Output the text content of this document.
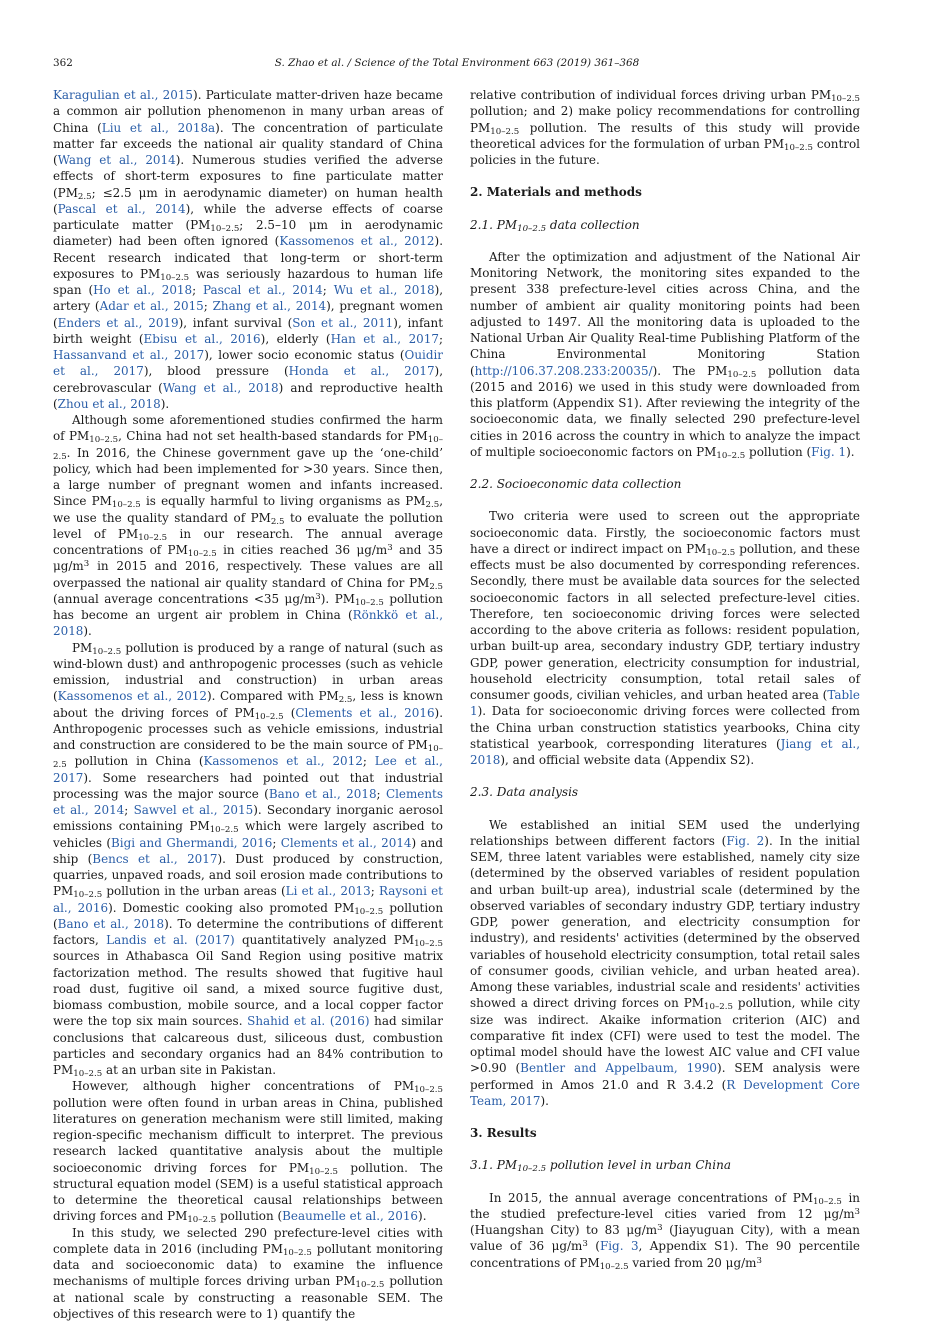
362	S. Zhao et al. / Science of the Total Environment 663 (2019) 361–368

Karagulian et al., 2015). Particulate matter-driven haze became a common air pollution phenomenon in many urban areas of China (Liu et al., 2018a). The concentration of particulate matter far exceeds the national air quality standard of China (Wang et al., 2014). Numerous studies verified the adverse effects of short-term exposures to fine particulate matter ($PM_{2.5}$; ≤2.5 μm in aerodynamic diameter) on human health (Pascal et al., 2014), while the adverse effects of coarse particulate matter ($PM_{10-2.5}$; 2.5–10 μm in aerodynamic diameter) had been often ignored (Kassomenos et al., 2012). Recent research indicated that long-term or short-term exposures to $PM_{10-2.5}$ was seriously hazardous to human life span (Ho et al., 2018; Pascal et al., 2014; Wu et al., 2018), artery (Adar et al., 2015; Zhang et al., 2014), pregnant women (Enders et al., 2019), infant survival (Son et al., 2011), infant birth weight (Ebisu et al., 2016), elderly (Han et al., 2017; Hassanvand et al., 2017), lower socio economic status (Ouidir et al., 2017), blood pressure (Honda et al., 2017), cerebrovascular (Wang et al., 2018) and reproductive health (Zhou et al., 2018).

Although some aforementioned studies confirmed the harm of $PM_{10-2.5}$, China had not set health-based standards for $PM_{10-2.5}$. In 2016, the Chinese government gave up the ‘one-child’ policy, which had been implemented for >30 years. Since then, a large number of pregnant women and infants increased. Since $PM_{10-2.5}$ is equally harmful to living organisms as $PM_{2.5}$, we use the quality standard of $PM_{2.5}$ to evaluate the pollution level of $PM_{10-2.5}$ in our research. The annual average concentrations of $PM_{10-2.5}$ in cities reached 36 $\mu g/m^3$ and 35 $\mu g/m^3$ in 2015 and 2016, respectively. These values are all overpassed the national air quality standard of China for $PM_{2.5}$ (annual average concentrations <35 $\mu g/m^3$). $PM_{10-2.5}$ pollution has become an urgent air problem in China (Rönkkö et al., 2018).

$PM_{10-2.5}$ pollution is produced by a range of natural (such as wind-blown dust) and anthropogenic processes (such as vehicle emission, industrial and construction) in urban areas (Kassomenos et al., 2012). Compared with $PM_{2.5}$, less is known about the driving forces of $PM_{10-2.5}$ (Clements et al., 2016). Anthropogenic processes such as vehicle emissions, industrial and construction are considered to be the main source of $PM_{10-2.5}$ pollution in China (Kassomenos et al., 2012; Lee et al., 2017). Some researchers had pointed out that industrial processing was the major source (Bano et al., 2018; Clements et al., 2014; Sawvel et al., 2015). Secondary inorganic aerosol emissions containing $PM_{10-2.5}$ which were largely ascribed to vehicles (Bigi and Ghermandi, 2016; Clements et al., 2014) and ship (Bencs et al., 2017). Dust produced by construction, quarries, unpaved roads, and soil erosion made contributions to $PM_{10-2.5}$ pollution in the urban areas (Li et al., 2013; Raysoni et al., 2016). Domestic cooking also promoted $PM_{10-2.5}$ pollution (Bano et al., 2018). To determine the contributions of different factors, Landis et al. (2017) quantitatively analyzed $PM_{10-2.5}$ sources in Athabasca Oil Sand Region using positive matrix factorization method. The results showed that fugitive haul road dust, fugitive oil sand, a mixed source fugitive dust, biomass combustion, mobile source, and a local copper factor were the top six main sources. Shahid et al. (2016) had similar conclusions that calcareous dust, siliceous dust, combustion particles and secondary organics had an 84% contribution to $PM_{10-2.5}$ at an urban site in Pakistan.

However, although higher concentrations of $PM_{10-2.5}$ pollution were often found in urban areas in China, published literatures on generation mechanism were still limited, making region-specific mechanism difficult to interpret. The previous research lacked quantitative analysis about the multiple socioeconomic driving forces for $PM_{10-2.5}$ pollution. The structural equation model (SEM) is a useful statistical approach to determine the theoretical causal relationships between driving forces and $PM_{10-2.5}$ pollution (Beaumelle et al., 2016).

In this study, we selected 290 prefecture-level cities with complete data in 2016 (including $PM_{10-2.5}$ pollutant monitoring data and socioeconomic data) to examine the influence mechanisms of multiple forces driving urban $PM_{10-2.5}$ pollution at national scale by constructing a reasonable SEM. The objectives of this research were to 1) quantify the

relative contribution of individual forces driving urban $PM_{10-2.5}$ pollution; and 2) make policy recommendations for controlling $PM_{10-2.5}$ pollution. The results of this study will provide theoretical advices for the formulation of urban $PM_{10-2.5}$ control policies in the future.

2. Materials and methods
2.1. $PM_{10-2.5}$ data collection

After the optimization and adjustment of the National Air Monitoring Network, the monitoring sites expanded to the present 338 prefecture-level cities across China, and the number of ambient air quality monitoring points had been adjusted to 1497. All the monitoring data is uploaded to the National Urban Air Quality Real-time Publishing Platform of the China Environmental Monitoring Station (http://106.37.208.233:20035/). The $PM_{10-2.5}$ pollution data (2015 and 2016) we used in this study were downloaded from this platform (Appendix S1). After reviewing the integrity of the socioeconomic data, we finally selected 290 prefecture-level cities in 2016 across the country in which to analyze the impact of multiple socioeconomic factors on $PM_{10-2.5}$ pollution (Fig. 1).

2.2. Socioeconomic data collection

Two criteria were used to screen out the appropriate socioeconomic data. Firstly, the socioeconomic factors must have a direct or indirect impact on $PM_{10-2.5}$ pollution, and these effects must be also documented by corresponding references. Secondly, there must be available data sources for the selected socioeconomic factors in all selected prefecture-level cities. Therefore, ten socioeconomic driving forces were selected according to the above criteria as follows: resident population, urban built-up area, secondary industry GDP, tertiary industry GDP, power generation, electricity consumption for industrial, household electricity consumption, total retail sales of consumer goods, civilian vehicles, and urban heated area (Table 1). Data for socioeconomic driving forces were collected from the China urban construction statistics yearbooks, China city statistical yearbook, corresponding literatures (Jiang et al., 2018), and official website data (Appendix S2).

2.3. Data analysis

We established an initial SEM used the underlying relationships between different factors (Fig. 2). In the initial SEM, three latent variables were established, namely city size (determined by the observed variables of resident population and urban built-up area), industrial scale (determined by the observed variables of secondary industry GDP, tertiary industry GDP, power generation, and electricity consumption for industry), and residents' activities (determined by the observed variables of household electricity consumption, total retail sales of consumer goods, civilian vehicle, and urban heated area). Among these variables, industrial scale and residents' activities showed a direct driving forces on $PM_{10-2.5}$ pollution, while city size was indirect. Akaike information criterion (AIC) and comparative fit index (CFI) were used to test the model. The optimal model should have the lowest AIC value and CFI value >0.90 (Bentler and Appelbaum, 1990). SEM analysis were performed in Amos 21.0 and R 3.4.2 (R Development Core Team, 2017).

3. Results
3.1. $PM_{10-2.5}$ pollution level in urban China

In 2015, the annual average concentrations of $PM_{10-2.5}$ in the studied prefecture-level cities varied from 12 $\mu g/m^3$ (Huangshan City) to 83 $\mu g/m^3$ (Jiayuguan City), with a mean value of 36 $\mu g/m^3$ (Fig. 3, Appendix S1). The 90 percentile concentrations of $PM_{10-2.5}$ varied from 20 $\mu g/m^3$
